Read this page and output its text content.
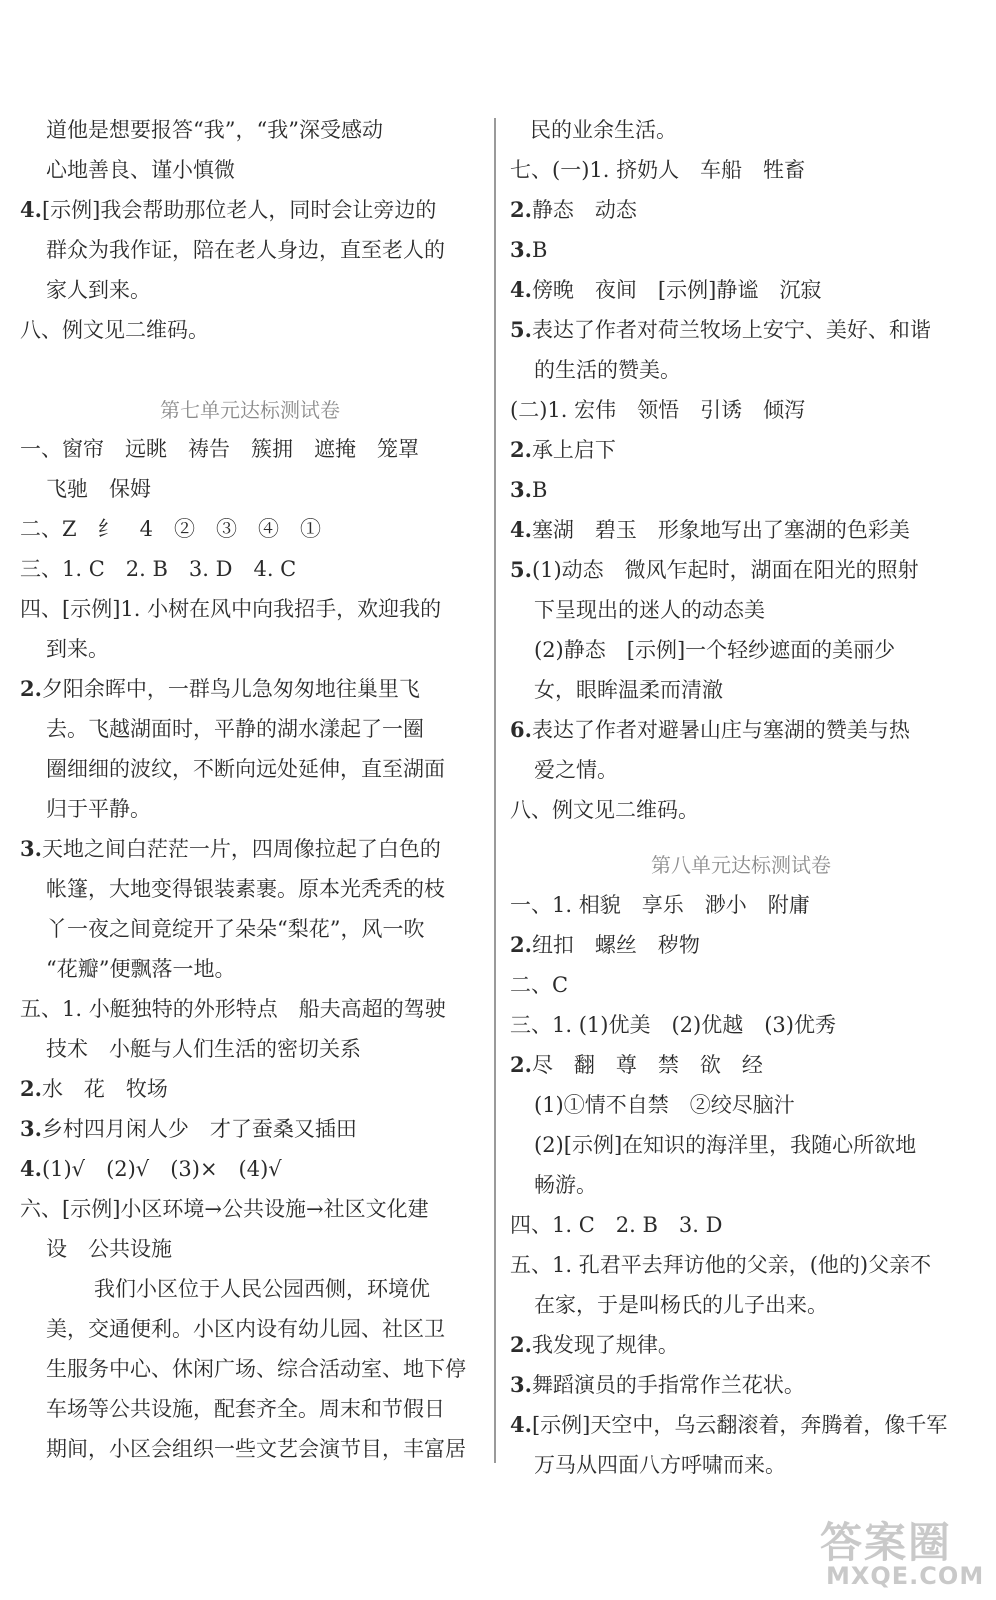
道他是想要报答“我”，“我”深受感动
心地善良、谨小慎微
4.[示例]我会帮助那位老人，同时会让旁边的
群众为我作证，陪在老人身边，直至老人的
家人到来。
八、例文见二维码。
第七单元达标测试卷
一、窗帘　远眺　祷告　簇拥　遮掩　笼罩
飞驰　保姆
二、Z　纟　4　②　③　④　①
三、1. C　2. B　3. D　4. C
四、[示例]1. 小树在风中向我招手，欢迎我的
到来。
2.夕阳余晖中，一群鸟儿急匆匆地往巢里飞
去。飞越湖面时，平静的湖水漾起了一圈
圈细细的波纹，不断向远处延伸，直至湖面
归于平静。
3.天地之间白茫茫一片，四周像拉起了白色的
帐篷，大地变得银装素裹。原本光秃秃的枝
丫一夜之间竟绽开了朵朵“梨花”，风一吹
“花瓣”便飘落一地。
五、1. 小艇独特的外形特点　船夫高超的驾驶
技术　小艇与人们生活的密切关系
2.水　花　牧场
3.乡村四月闲人少　才了蚕桑又插田
4.(1)√　(2)√　(3)×　(4)√
六、[示例]小区环境→公共设施→社区文化建
设　公共设施
我们小区位于人民公园西侧，环境优
美，交通便利。小区内设有幼儿园、社区卫
生服务中心、休闲广场、综合活动室、地下停
车场等公共设施，配套齐全。周末和节假日
期间，小区会组织一些文艺会演节目，丰富居
民的业余生活。
七、(一)1. 挤奶人　车船　牲畜
2.静态　动态
3.B
4.傍晚　夜间　[示例]静谧　沉寂
5.表达了作者对荷兰牧场上安宁、美好、和谐
的生活的赞美。
(二)1. 宏伟　领悟　引诱　倾泻
2.承上启下
3.B
4.塞湖　碧玉　形象地写出了塞湖的色彩美
5.(1)动态　微风乍起时，湖面在阳光的照射
下呈现出的迷人的动态美
(2)静态　[示例]一个轻纱遮面的美丽少
女，眼眸温柔而清澈
6.表达了作者对避暑山庄与塞湖的赞美与热
爱之情。
八、例文见二维码。
第八单元达标测试卷
一、1. 相貌　享乐　渺小　附庸
2.纽扣　螺丝　秽物
二、C
三、1. (1)优美　(2)优越　(3)优秀
2.尽　翻　尊　禁　欲　经
(1)①情不自禁　②绞尽脑汁
(2)[示例]在知识的海洋里，我随心所欲地
畅游。
四、1. C　2. B　3. D
五、1. 孔君平去拜访他的父亲，(他的)父亲不
在家，于是叫杨氏的儿子出来。
2.我发现了规律。
3.舞蹈演员的手指常作兰花状。
4.[示例]天空中，乌云翻滚着，奔腾着，像千军
万马从四面八方呼啸而来。
答案圈
MXQE.COM
